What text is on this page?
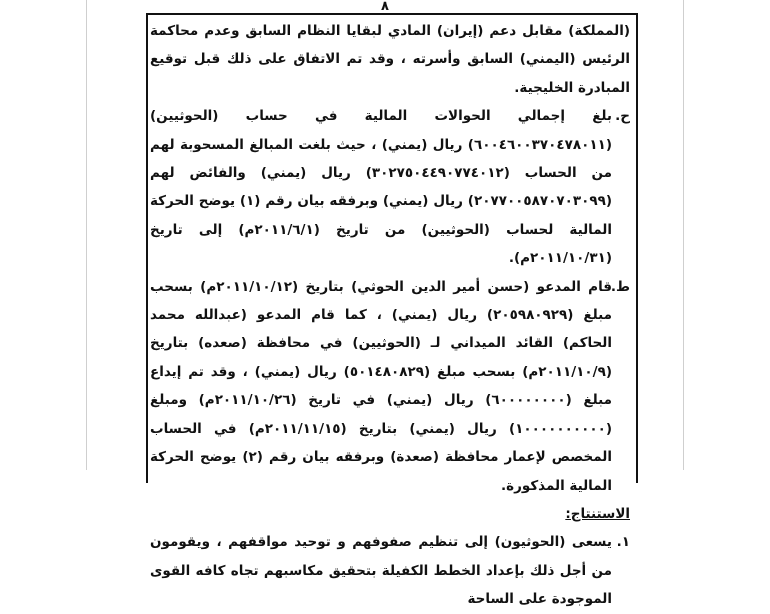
٨

(المملكة) مقابل دعم (إيران) المادي لبقايا النظام السابق وعدم محاكمة الرئيس (اليمني) السابق وأسرته ، وقد تم الاتفاق على ذلك قبل توقيع المبادرة الخليجية.

ح.
بلغ إجمالي الحوالات المالية في حساب (الحوثيين) (٦٠٠٤٦٠٠٣٧٠٤٧٨٠١١) ريال (يمني) ، حيث بلغت المبالغ المسحوبة لهم من الحساب (٣٠٢٧٥٠٤٤٩٠٧٧٤٠١٢) ريال (يمني) والفائض لهم (٢٠٧٧٠٠٥٨٧٠٧٠٣٠٩٩) ريال (يمني) وبرفقه بيان رقم (١) يوضح الحركة المالية لحساب (الحوثيين) من تاريخ (٢٠١١/٦/١م) إلى تاريخ (٢٠١١/١٠/٣١م).
ط.
قام المدعو (حسن أمير الدين الحوثي) بتاريخ (٢٠١١/١٠/١٢م) بسحب مبلغ (٢٠٥٩٨٠٩٢٩) ريال (يمني) ، كما قام المدعو (عبدالله محمد الحاكم) القائد الميداني لـ (الحوثيين) في محافظة (صعده) بتاريخ (٢٠١١/١٠/٩م) بسحب مبلغ (٥٠١٤٨٠٨٢٩) ريال (يمني) ، وقد تم إيداع مبلغ (٦٠٠٠٠٠٠٠٠) ريال (يمني) في تاريخ (٢٠١١/١٠/٢٦م) ومبلغ (١٠٠٠٠٠٠٠٠٠٠) ريال (يمني) بتاريخ (٢٠١١/١١/١٥م) في الحساب المخصص لإعمار محافظة (صعدة) وبرفقه بيان رقم (٢) يوضح الحركة المالية المذكورة.

الاستنتاج:

١.
يسعى (الحوثيون) إلى تنظيم صفوفهم و توحيد مواقفهم ، ويقومون من أجل ذلك بإعداد الخطط الكفيلة بتحقيق مكاسبهم تجاه كافه القوى الموجودة على الساحة
